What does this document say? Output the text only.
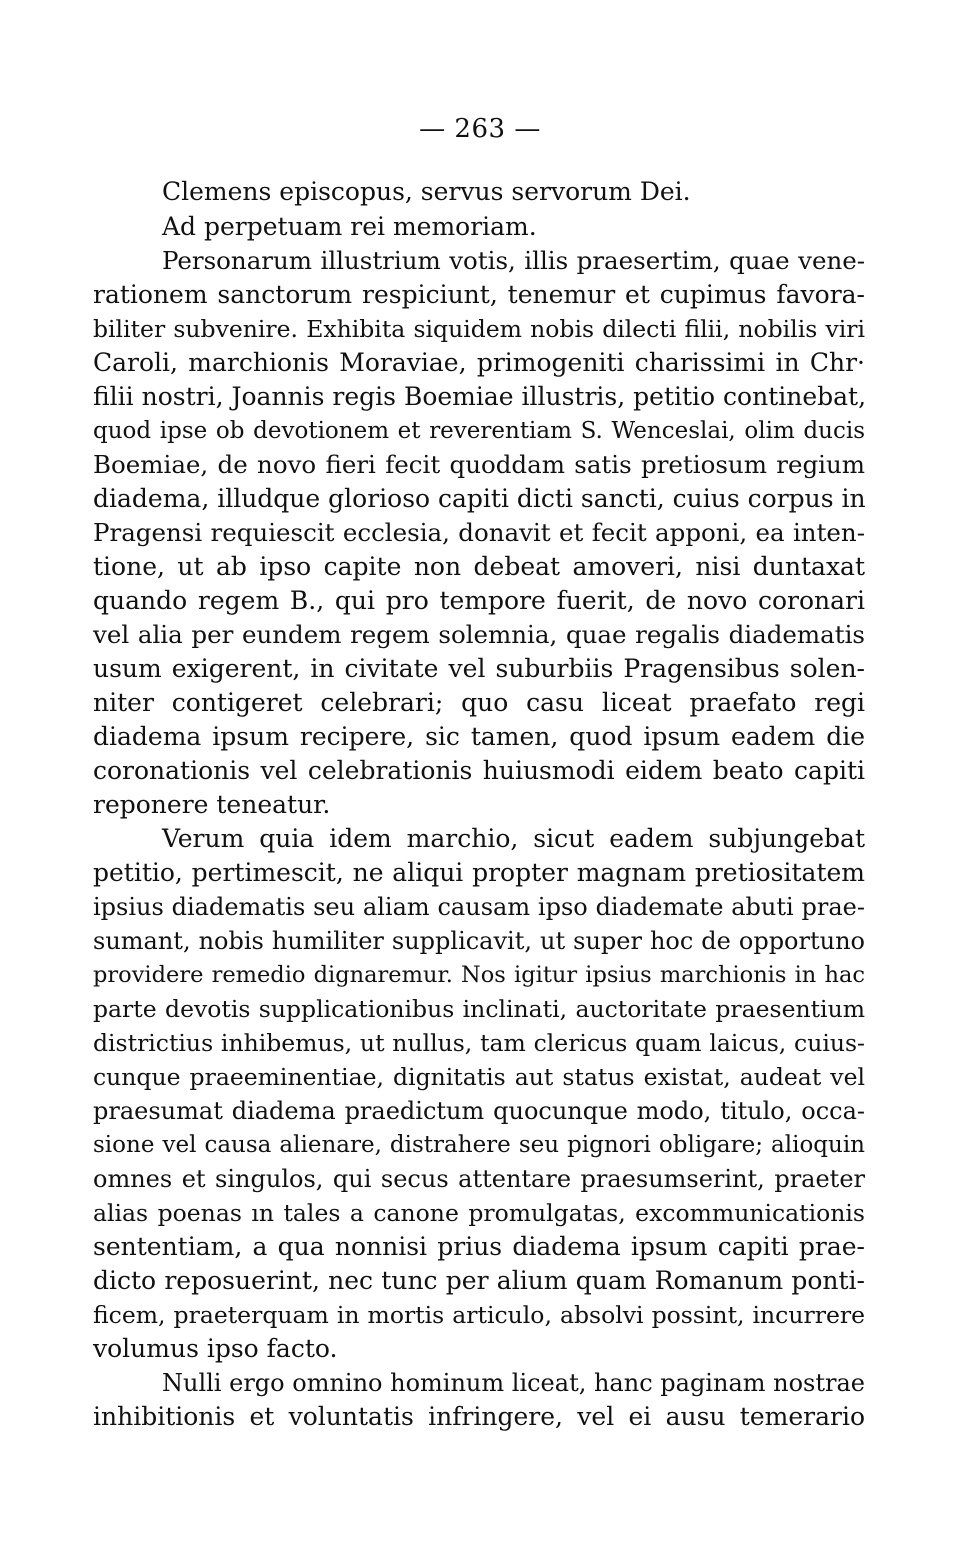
— 263 —
Clemens episcopus, servus servorum Dei.
Ad perpetuam rei memoriam.
Personarum illustrium votis, illis praesertim, quae vene-
rationem sanctorum respiciunt, tenemur et cupimus favora-
biliter subvenire. Exhibita siquidem nobis dilecti filii, nobilis viri
Caroli, marchionis Moraviae, primogeniti charissimi in Chr·
filii nostri, Joannis regis Boemiae illustris, petitio continebat,
quod ipse ob devotionem et reverentiam S. Wenceslai, olim ducis
Boemiae, de novo fieri fecit quoddam satis pretiosum regium
diadema, illudque glorioso capiti dicti sancti, cuius corpus in
Pragensi requiescit ecclesia, donavit et fecit apponi, ea inten-
tione, ut ab ipso capite non debeat amoveri, nisi duntaxat
quando regem B., qui pro tempore fuerit, de novo coronari
vel alia per eundem regem solemnia, quae regalis diadematis
usum exigerent, in civitate vel suburbiis Pragensibus solen-
niter contigeret celebrari; quo casu liceat praefato regi
diadema ipsum recipere, sic tamen, quod ipsum eadem die
coronationis vel celebrationis huiusmodi eidem beato capiti
reponere teneatur.
Verum quia idem marchio, sicut eadem subjungebat
petitio, pertimescit, ne aliqui propter magnam pretiositatem
ipsius diadematis seu aliam causam ipso diademate abuti prae-
sumant, nobis humiliter supplicavit, ut super hoc de opportuno
providere remedio dignaremur. Nos igitur ipsius marchionis in hac
parte devotis supplicationibus inclinati, auctoritate praesentium
districtius inhibemus, ut nullus, tam clericus quam laicus, cuius-
cunque praeeminentiae, dignitatis aut status existat, audeat vel
praesumat diadema praedictum quocunque modo, titulo, occa-
sione vel causa alienare, distrahere seu pignori obligare; alioquin
omnes et singulos, qui secus attentare praesumserint, praeter
alias poenas ın tales a canone promulgatas, excommunicationis
sententiam, a qua nonnisi prius diadema ipsum capiti prae-
dicto reposuerint, nec tunc per alium quam Romanum ponti-
ficem, praeterquam in mortis articulo, absolvi possint, incurrere
volumus ipso facto.
Nulli ergo omnino hominum liceat, hanc paginam nostrae
inhibitionis et voluntatis infringere, vel ei ausu temerario
